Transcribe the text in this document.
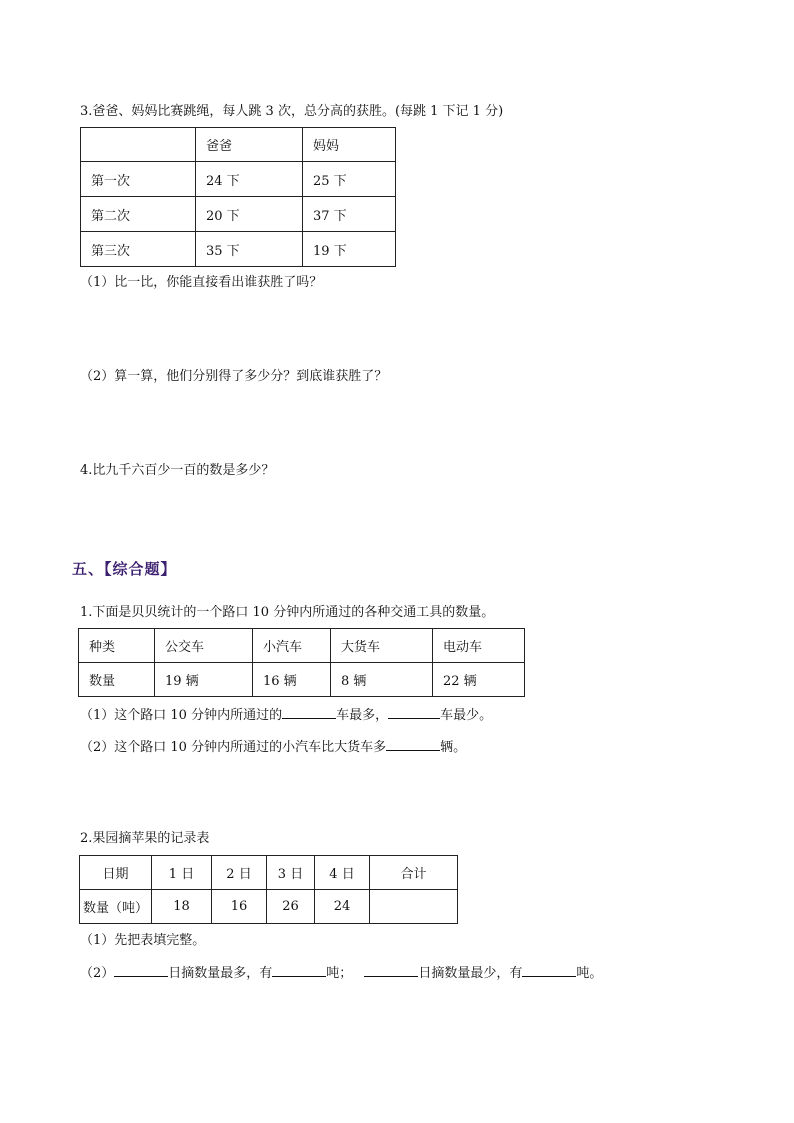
3.爸爸、妈妈比赛跳绳，每人跳 3 次，总分高的获胜。(每跳 1 下记 1 分)
	爸爸	妈妈
第一次	24 下	25 下
第二次	20 下	37 下
第三次	35 下	19 下
（1）比一比，你能直接看出谁获胜了吗？
（2）算一算，他们分别得了多少分？到底谁获胜了？
4.比九千六百少一百的数是多少？
五、【综合题】
1.下面是贝贝统计的一个路口 10 分钟内所通过的各种交通工具的数量。
种类	公交车	小汽车	大货车	电动车
数量	19 辆	16 辆	8 辆	22 辆
（1）这个路口 10 分钟内所通过的	车最多，	车最少。
（2）这个路口 10 分钟内所通过的小汽车比大货车多	辆。
2.果园摘苹果的记录表
日期	1 日	2 日	3 日	4 日	合计
数量（吨）	18	16	26	24	
（1）先把表填完整。
（2）	日摘数量最多，有	吨；	日摘数量最少，有	吨。
